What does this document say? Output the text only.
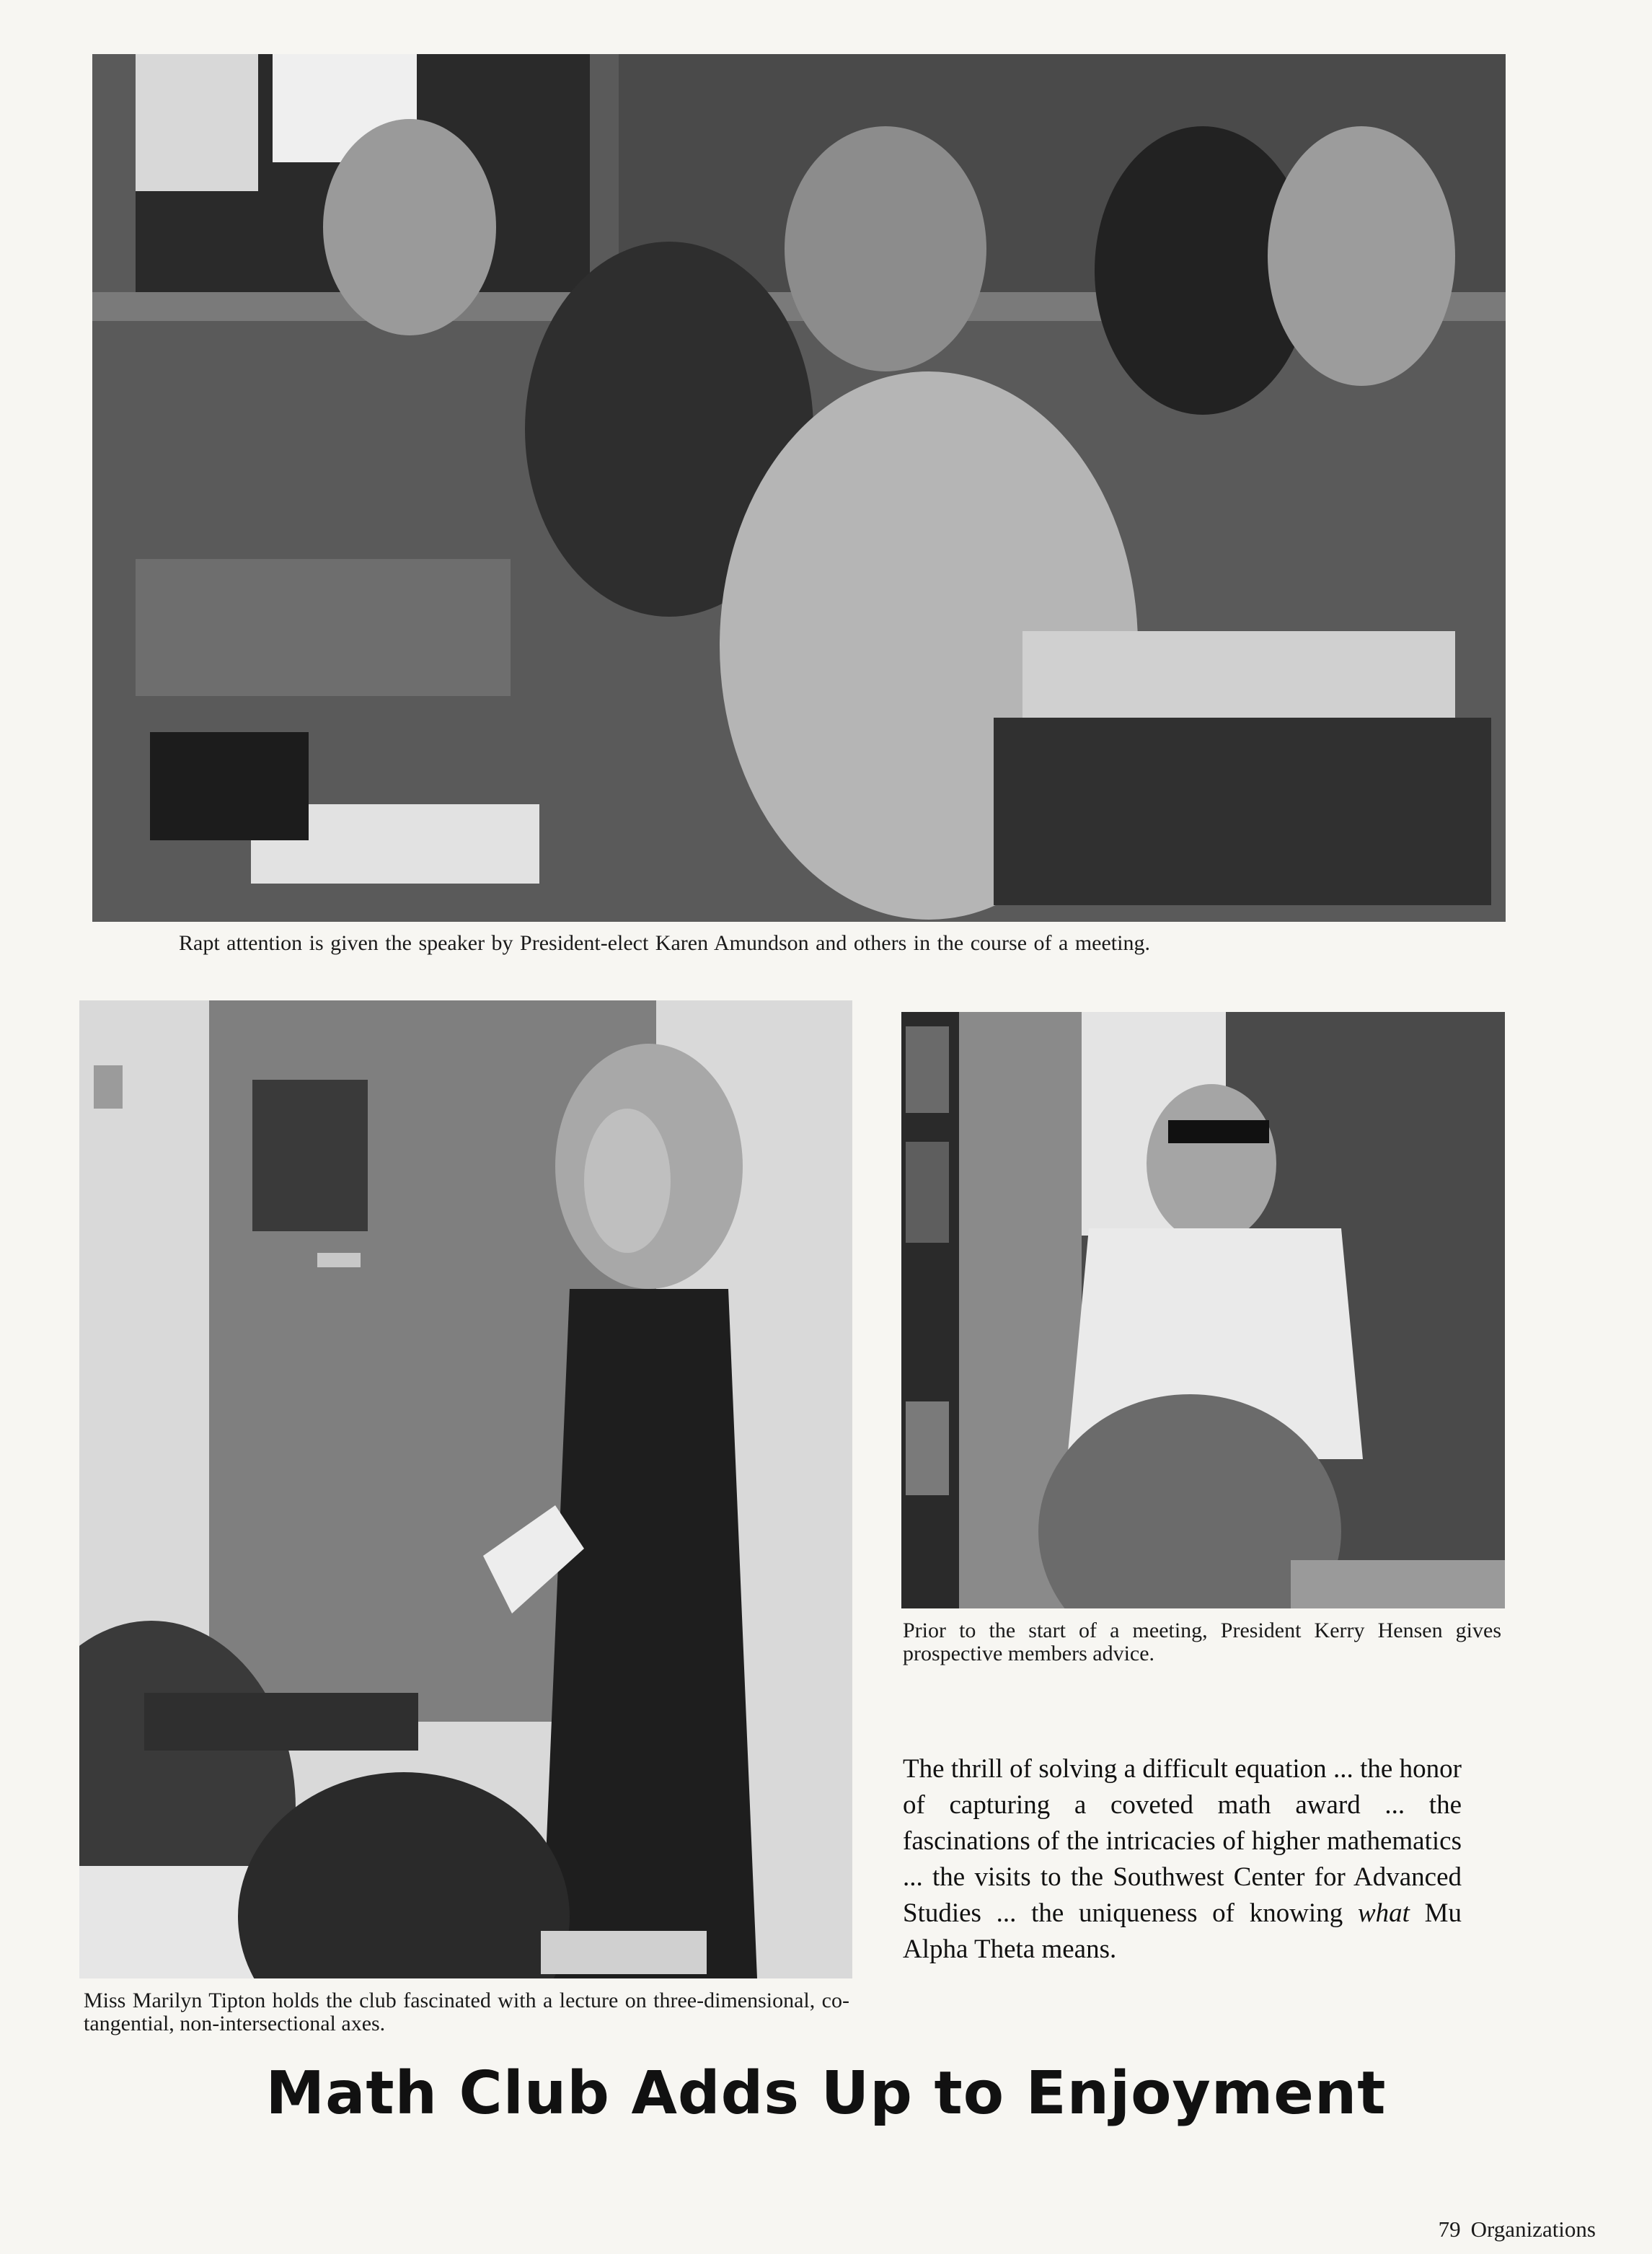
Rapt attention is given the speaker by President-elect Karen Amundson and others in the course of a meeting.
Miss Marilyn Tipton holds the club fascinated with a lecture on three-dimensional, co-tangential, non-intersectional axes.
Prior to the start of a meeting, President Kerry Hensen gives prospective members advice.

The thrill of solving a difficult equation ... the honor of capturing a coveted math award ... the fascinations of the intricacies of higher mathematics ... the visits to the Southwest Center for Advanced Studies ... the uniqueness of knowing what Mu Alpha Theta means.

Math Club Adds Up to Enjoyment
79 Organizations
